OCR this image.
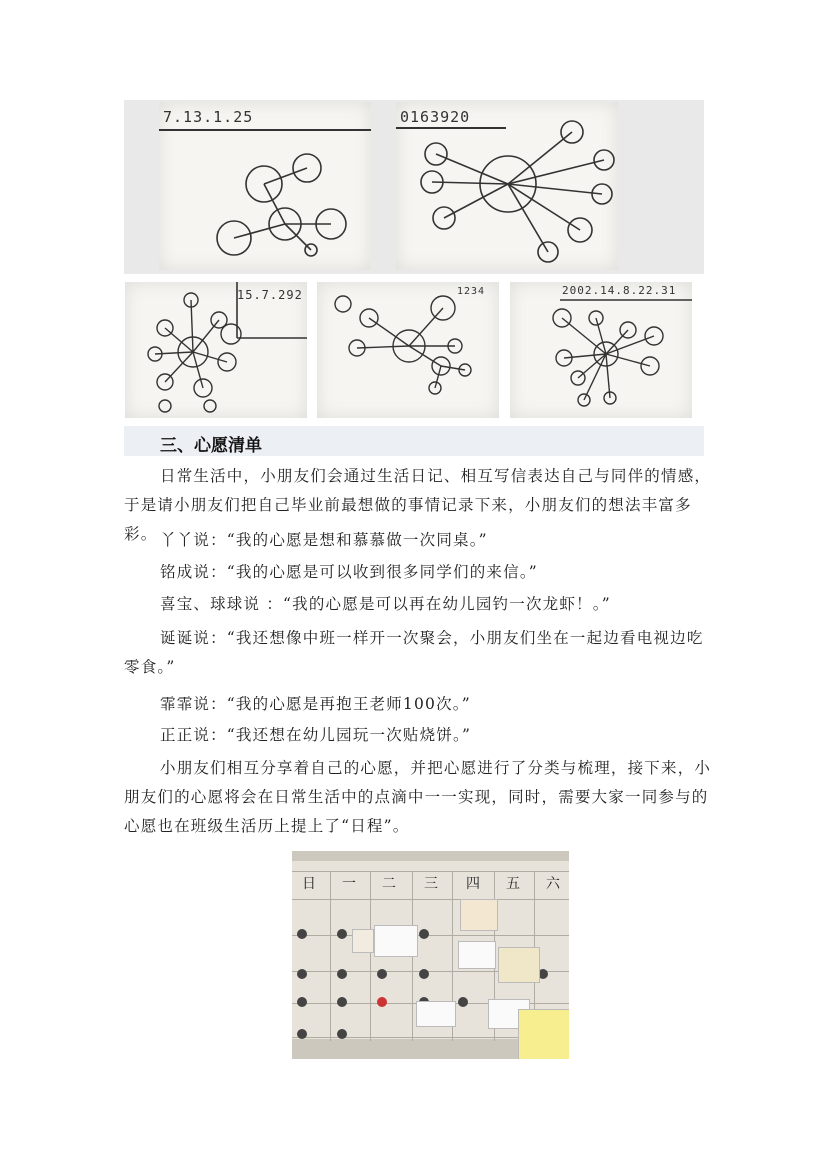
7.13.1.25	0163920
15.7.292	1234	2002.14.8.22.31
三、心愿清单
日常生活中，小朋友们会通过生活日记、相互写信表达自己与同伴的情感，于是请小朋友们把自己毕业前最想做的事情记录下来，小朋友们的想法丰富多彩。 丫丫说：“我的心愿是想和慕慕做一次同桌。”
铭成说：“我的心愿是可以收到很多同学们的来信。”
喜宝、球球说 ：“我的心愿是可以再在幼儿园钓一次龙虾！。”
诞诞说：“我还想像中班一样开一次聚会，小朋友们坐在一起边看电视边吃零食。”
霏霏说：“我的心愿是再抱王老师100次。”
正正说：“我还想在幼儿园玩一次贴烧饼。”
小朋友们相互分享着自己的心愿，并把心愿进行了分类与梳理，接下来，小朋友们的心愿将会在日常生活中的点滴中一一实现，同时，需要大家一同参与的心愿也在班级生活历上提上了“日程”。
日	一	二	三	四	五	六
